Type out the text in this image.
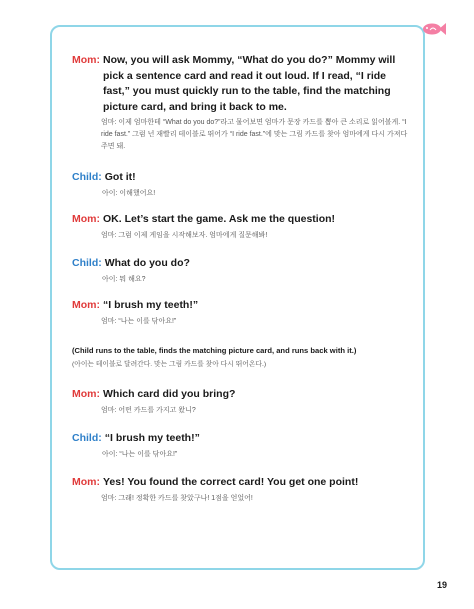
Mom: Now, you will ask Mommy, “What do you do?” Mommy will pick a sentence card and read it out loud. If I read, “I ride fast,” you must quickly run to the table, find the matching picture card, and bring it back to me.
엄마: 이제 엄마한테 “What do you do?”라고 물어보면 엄마가 문장 카드를 뽑아 큰 소리로 읽어볼게. “I ride fast.” 그럼 넌 재빨리 테이블로 뛰어가 “I ride fast.”에 맞는 그림 카드를 찾아 엄마에게 다시 가져다주면 돼.
Child: Got it!
아이: 이해했어요!
Mom: OK. Let’s start the game. Ask me the question!
엄마: 그럼 이제 게임을 시작해보자. 엄마에게 질문해봐!
Child: What do you do?
아이: 뭐 해요?
Mom: “I brush my teeth!”
엄마: “나는 이를 닦아요!”
(Child runs to the table, finds the matching picture card, and runs back with it.)
(아이는 테이블로 달려간다. 맞는 그림 카드를 찾아 다시 뛰어온다.)
Mom: Which card did you bring?
엄마: 어떤 카드를 가지고 왔니?
Child: “I brush my teeth!”
아이: “나는 이를 닦아요!”
Mom: Yes! You found the correct card! You get one point!
엄마: 그래! 정확한 카드를 찾았구나! 1점을 얻었어!
19
